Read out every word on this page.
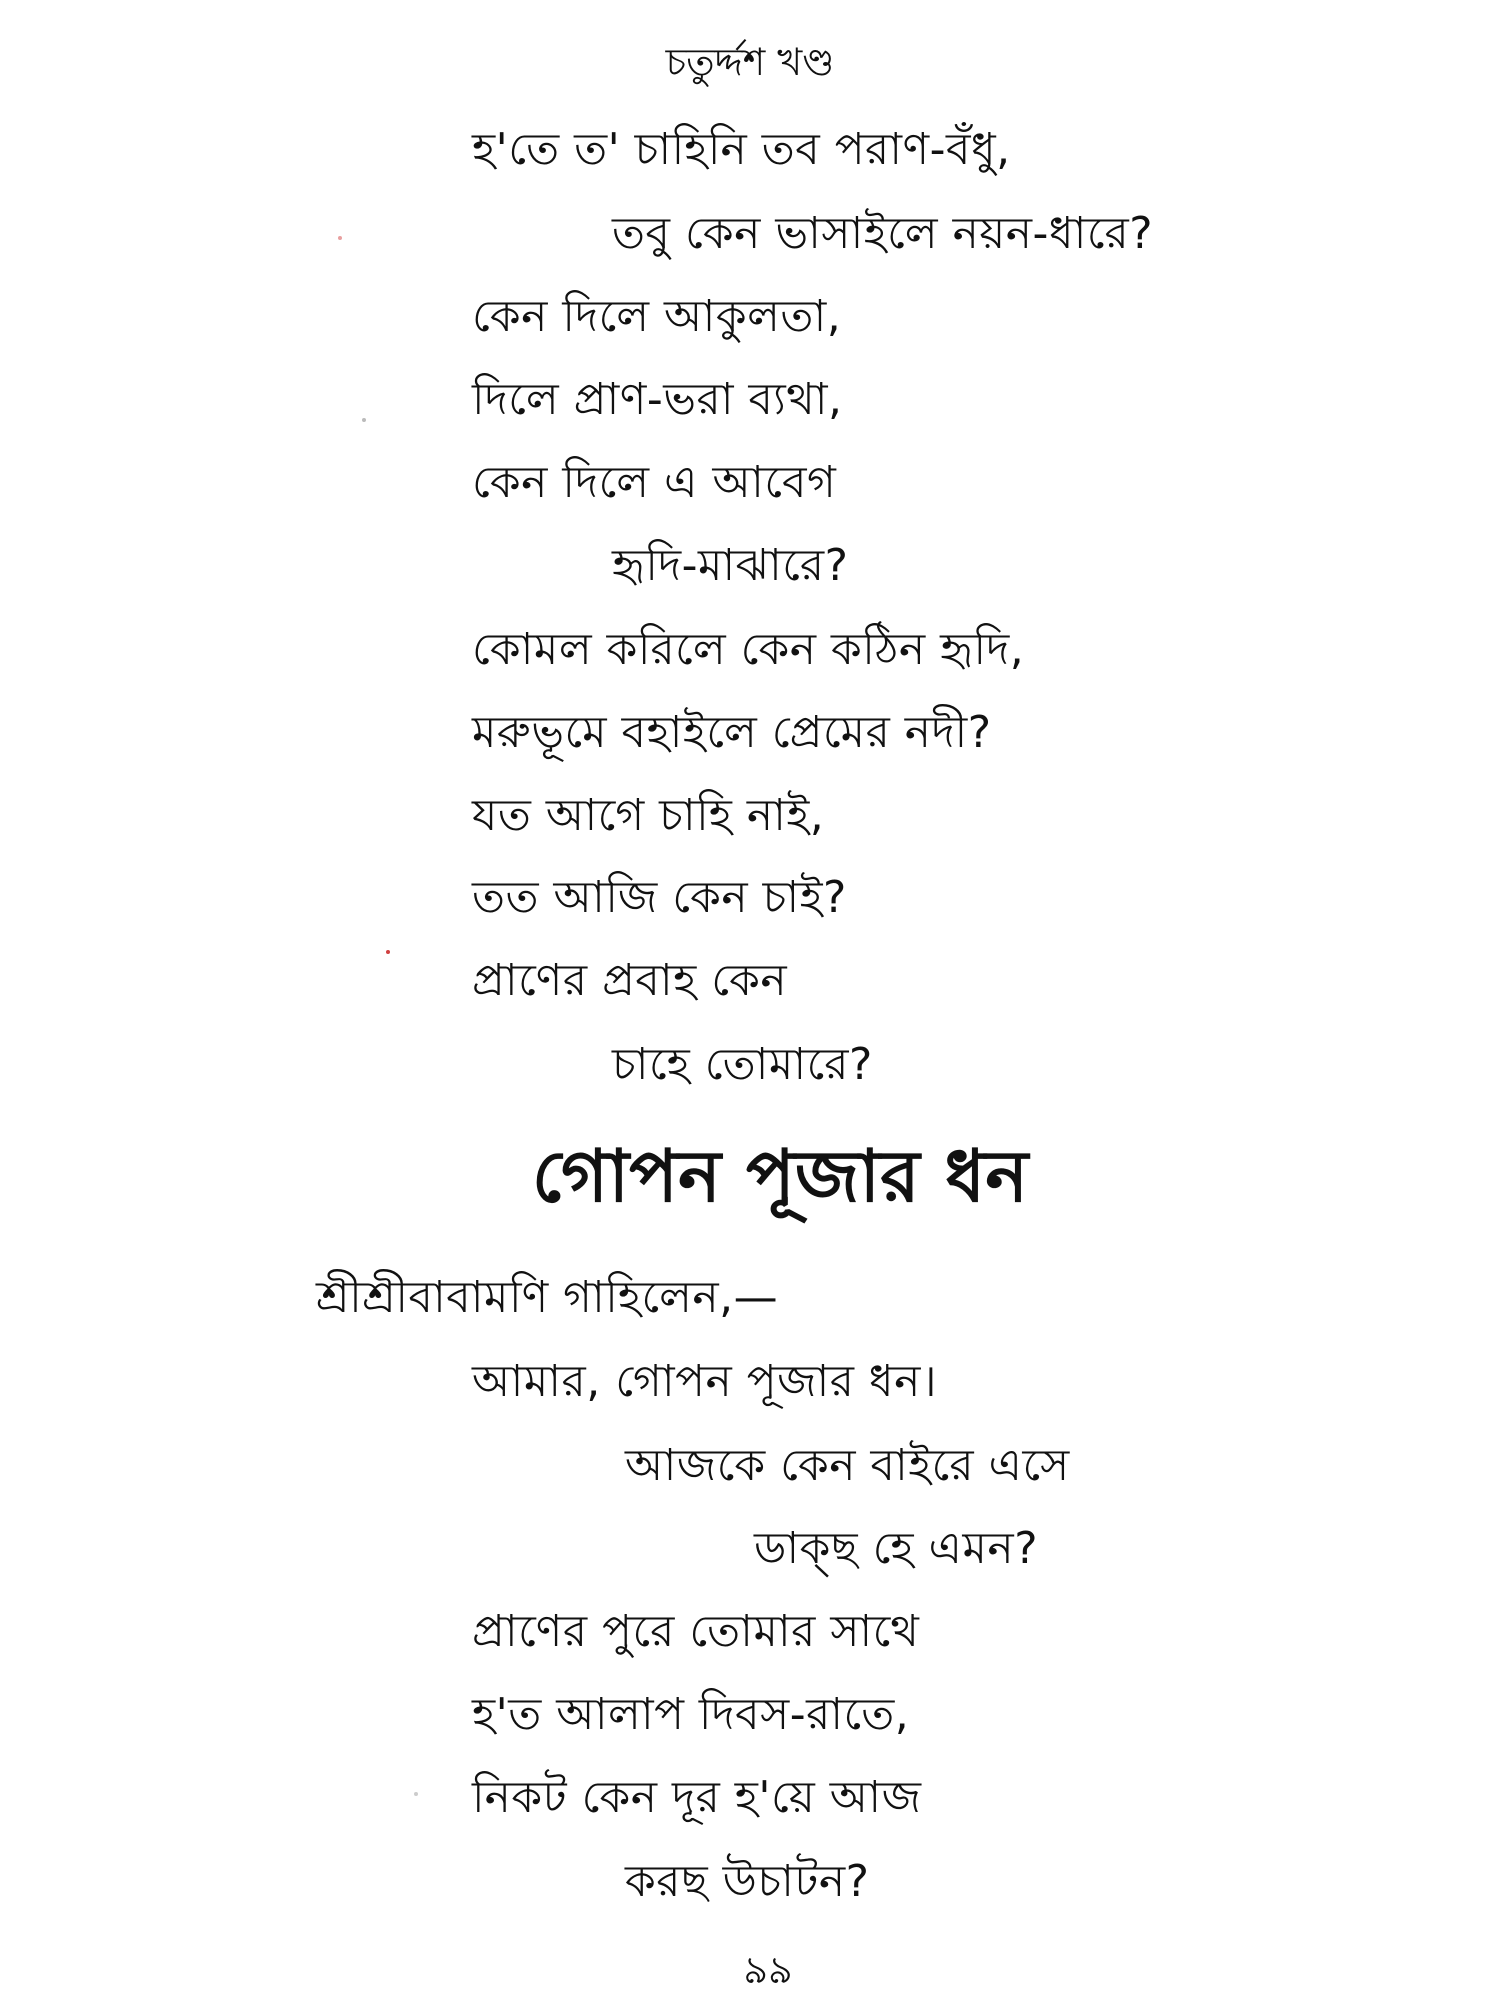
চতুর্দ্দশ খণ্ড
হ'তে ত' চাহিনি তব পরাণ-বঁধু,
তবু কেন ভাসাইলে নয়ন-ধারে?
কেন দিলে আকুলতা,
দিলে প্রাণ-ভরা ব্যথা,
কেন দিলে এ আবেগ
হৃদি-মাঝারে?
কোমল করিলে কেন কঠিন হৃদি,
মরুভূমে বহাইলে প্রেমের নদী?
যত আগে চাহি নাই,
তত আজি কেন চাই?
প্রাণের প্রবাহ কেন
চাহে তোমারে?
গোপন পূজার ধন
শ্রীশ্রীবাবামণি গাহিলেন,—
আমার, গোপন পূজার ধন।
আজকে কেন বাইরে এসে
ডাক্‌ছ হে এমন?
প্রাণের পুরে তোমার সাথে
হ'ত আলাপ দিবস-রাতে,
নিকট কেন দূর হ'য়ে আজ
করছ উচাটন?
৯৯
